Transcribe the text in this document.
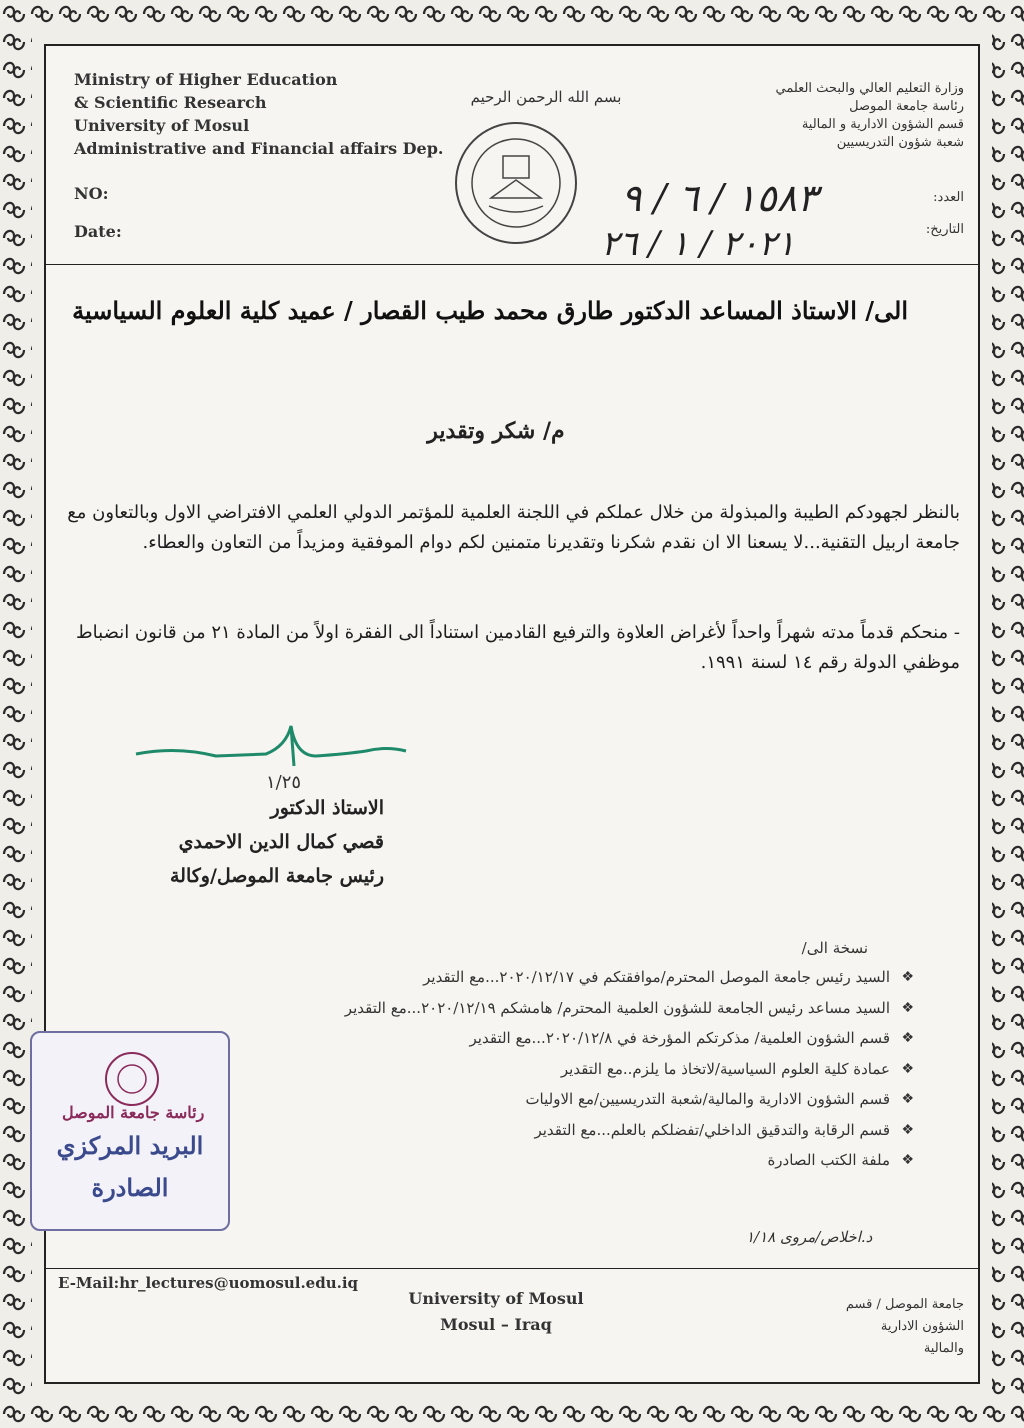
Ministry of Higher Education
& Scientific Research
University of Mosul
Administrative and Financial affairs Dep.
NO:
Date:
بسم الله الرحمن الرحيم
١٥٨٣ / ٦ / ٩
٢٠٢١ / ١ / ٢٦
وزارة التعليم العالي والبحث العلمي
رئاسة جامعة الموصل
قسم الشؤون الادارية و المالية
شعبة شؤون التدريسيين
العدد:
التاريخ:
الى/ الاستاذ المساعد الدكتور طارق محمد طيب القصار / عميد كلية العلوم السياسية
م/ شكر وتقدير
بالنظر لجهودكم الطيبة والمبذولة من خلال عملكم في اللجنة العلمية للمؤتمر الدولي العلمي الافتراضي الاول وبالتعاون مع جامعة اربيل التقنية...لا يسعنا الا ان نقدم شكرنا وتقديرنا متمنين لكم دوام الموفقية ومزيداً من التعاون والعطاء.
- منحكم قدماً مدته شهراً واحداً لأغراض العلاوة والترفيع القادمين استناداً الى الفقرة اولاً من المادة ٢١ من قانون انضباط موظفي الدولة رقم ١٤ لسنة ١٩٩١.
١/٢٥
الاستاذ الدكتور
قصي كمال الدين الاحمدي
رئيس جامعة الموصل/وكالة
نسخة الى/
❖
السيد رئيس جامعة الموصل المحترم/موافقتكم في ٢٠٢٠/١٢/١٧...مع التقدير
❖
السيد مساعد رئيس الجامعة للشؤون العلمية المحترم/ هامشكم ٢٠٢٠/١٢/١٩...مع التقدير
❖
قسم الشؤون العلمية/ مذكرتكم المؤرخة في ٢٠٢٠/١٢/٨...مع التقدير
❖
عمادة كلية العلوم السياسية/لاتخاذ ما يلزم..مع التقدير
❖
قسم الشؤون الادارية والمالية/شعبة التدريسيين/مع الاوليات
❖
قسم الرقابة والتدقيق الداخلي/تفضلكم بالعلم...مع التقدير
❖
ملفة الكتب الصادرة
رئاسة جامعة الموصل
البريد المركزي
الصادرة
د.اخلاص/مروى ١/١٨
E-Mail:hr_lectures@uomosul.edu.iq
University of Mosul
Mosul – Iraq
جامعة الموصل / قسم
الشؤون الادارية
والمالية
